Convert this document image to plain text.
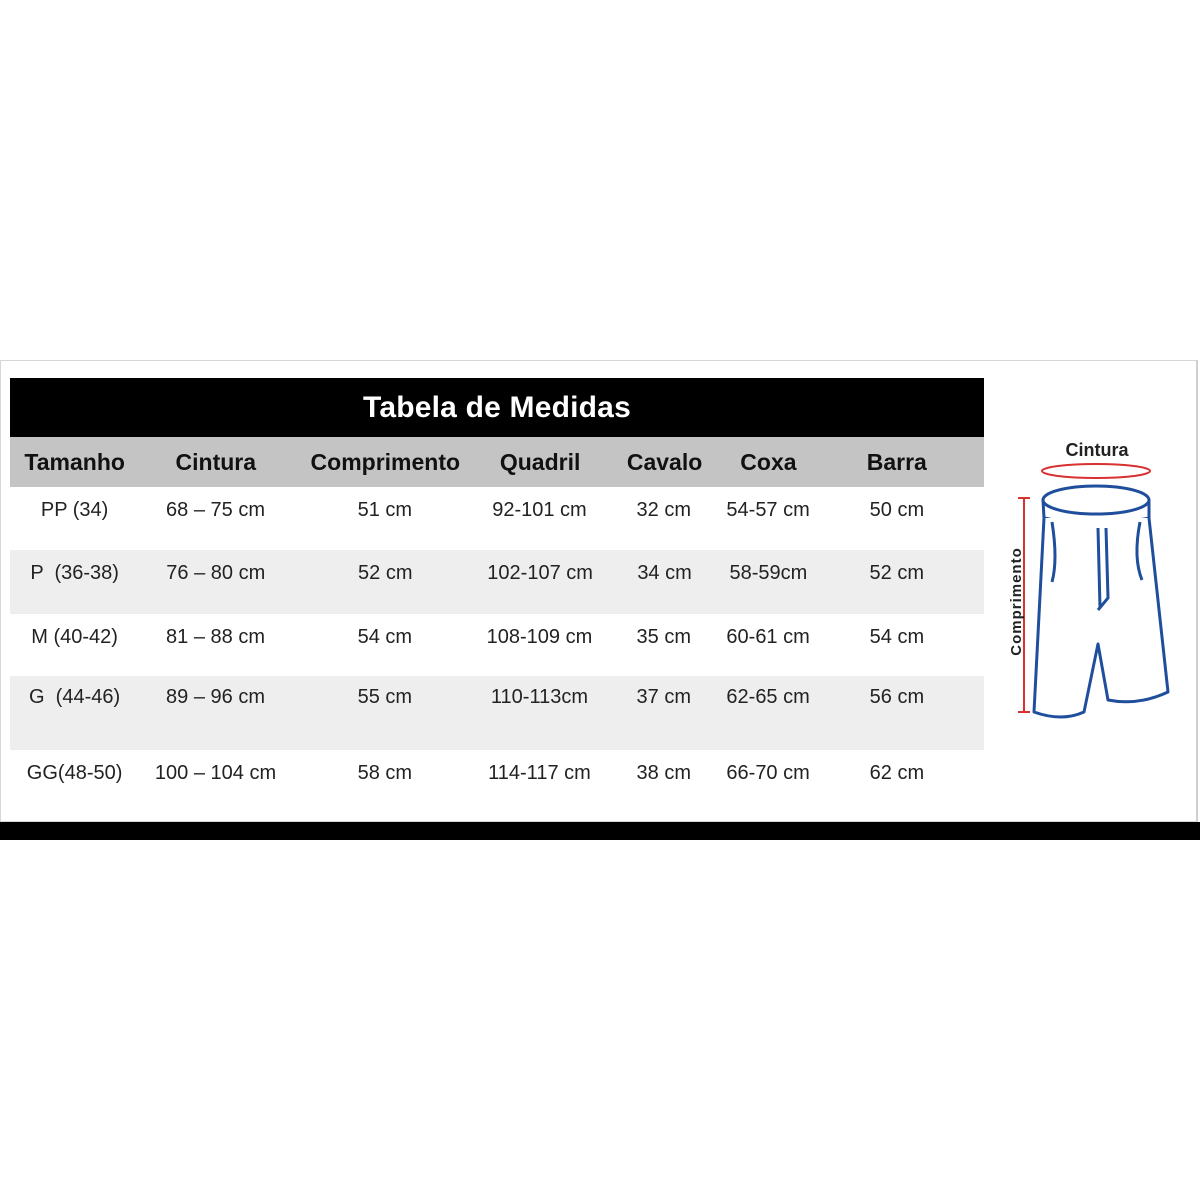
Tabela de Medidas
Tamanho	Cintura	Comprimento	Quadril	Cavalo	Coxa	Barra
PP (34)	68 – 75 cm	51 cm	92-101 cm	32 cm	54-57 cm	50 cm
P  (36-38)	76 – 80 cm	52 cm	102-107 cm	34 cm	58-59cm	52 cm
M (40-42)	81 – 88 cm	54 cm	108-109 cm	35 cm	60-61 cm	54 cm
G  (44-46)	89 – 96 cm	55 cm	110-113cm	37 cm	62-65 cm	56 cm
GG(48-50)	100 – 104 cm	58 cm	114-117 cm	38 cm	66-70 cm	62 cm
Cintura
Comprimento
